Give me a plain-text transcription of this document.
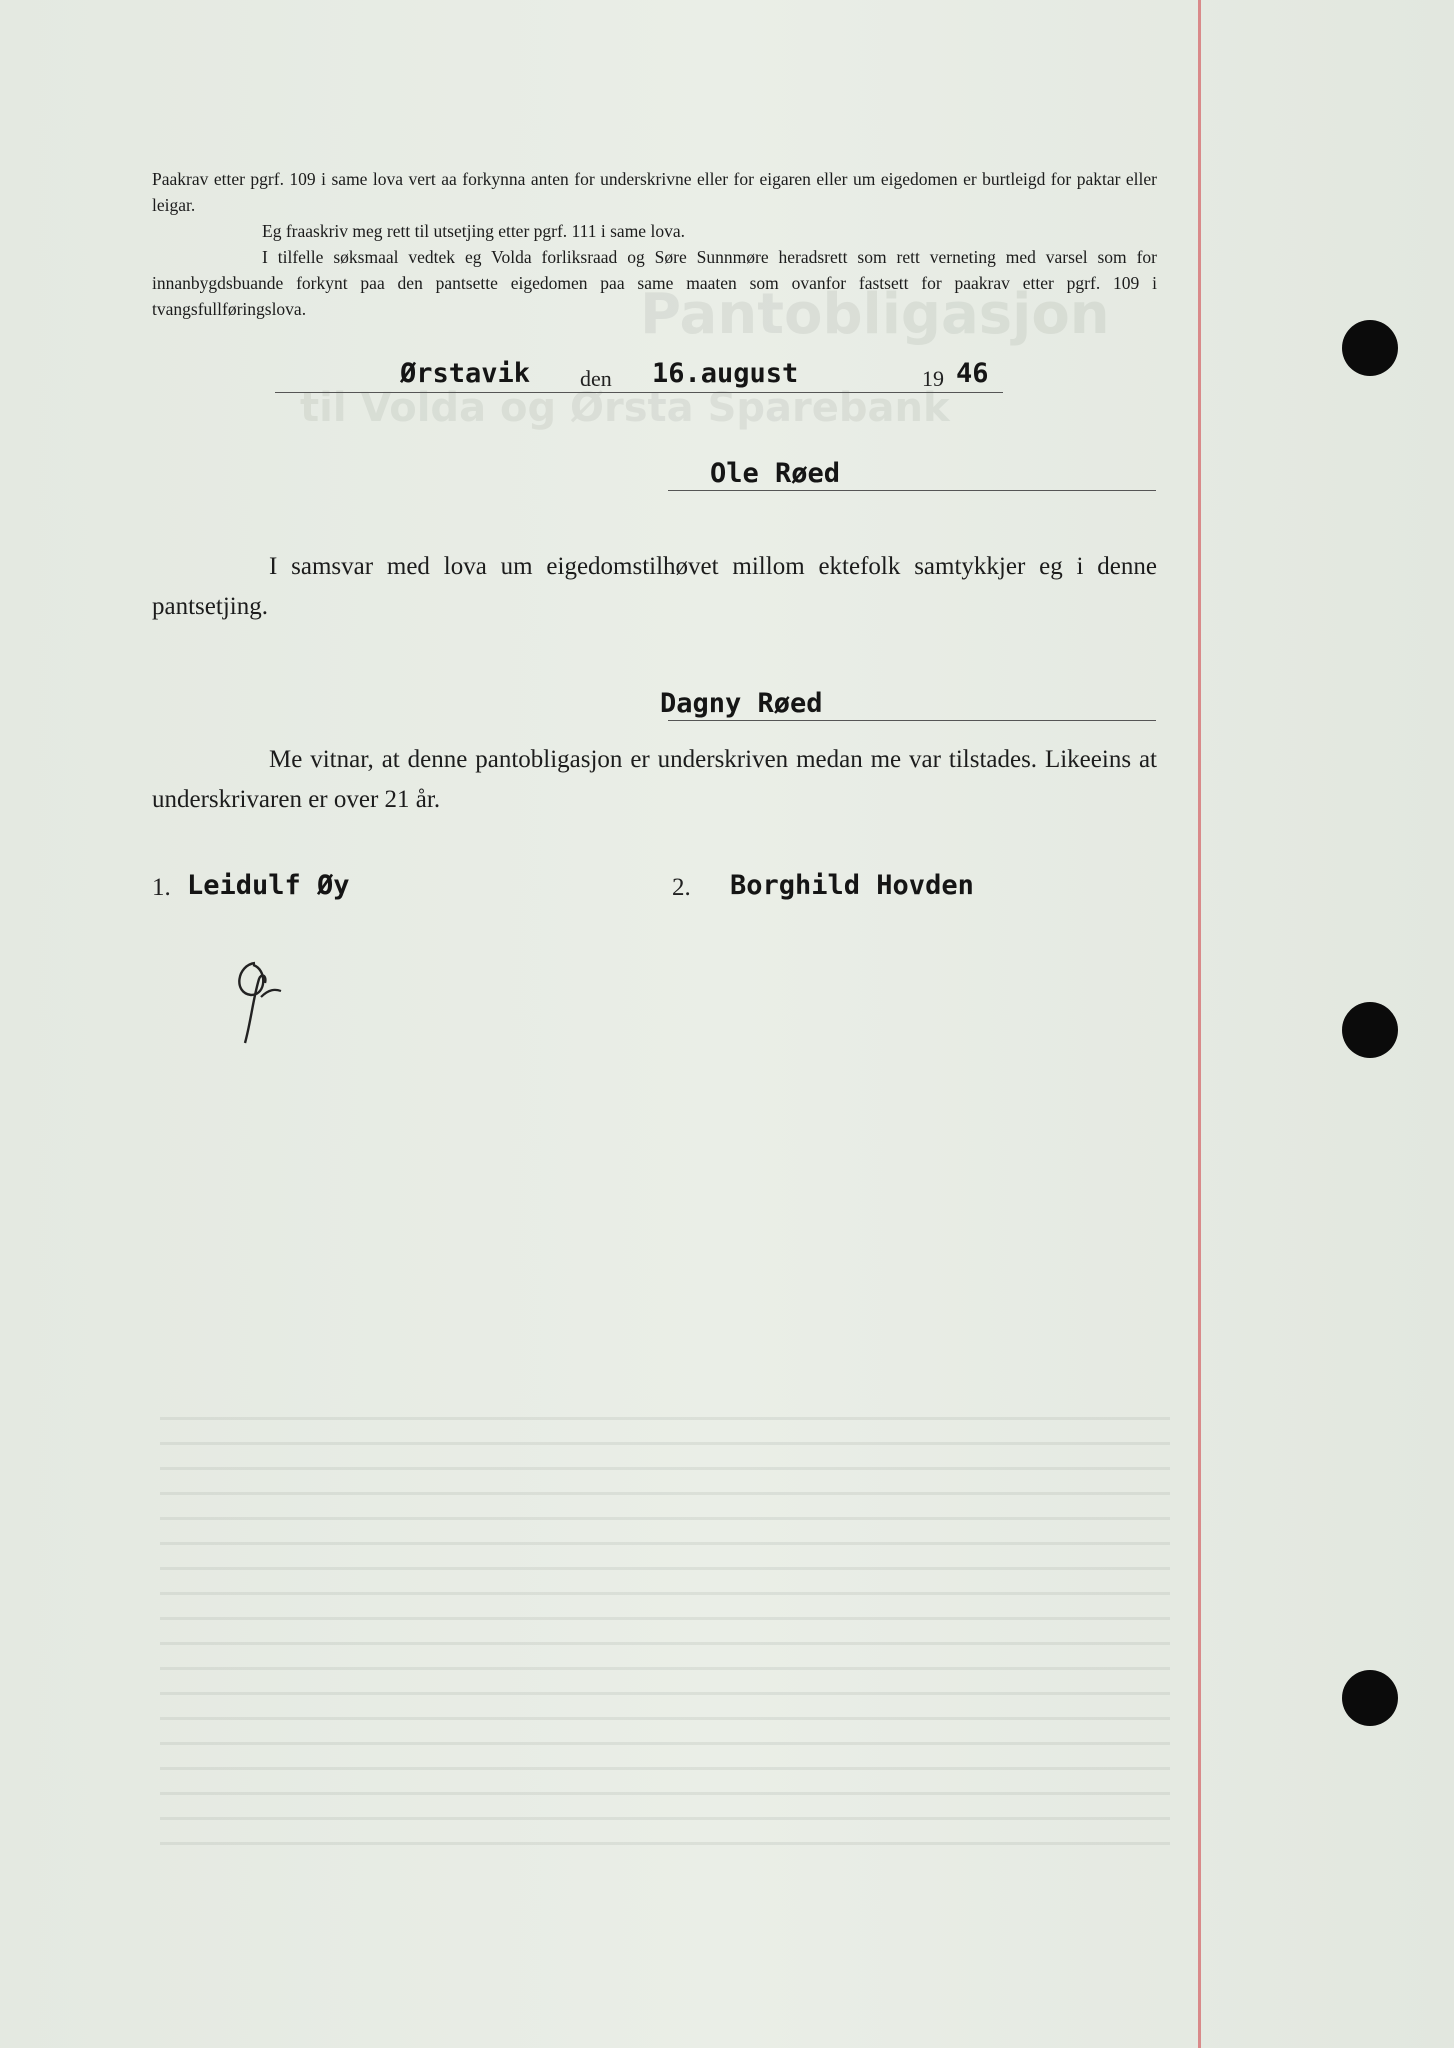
Pantobligasjon
til Volda og Ørsta Sparebank

Paakrav etter pgrf. 109 i same lova vert aa forkynna anten for underskrivne eller for eigaren eller um eigedomen er burtleigd for paktar eller leigar.

Eg fraaskriv meg rett til utsetjing etter pgrf. 111 i same lova.

I tilfelle søksmaal vedtek eg Volda forliksraad og Søre Sunnmøre heradsrett som rett verneting med varsel som for innanbygdsbuande forkynt paa den pantsette eigedomen paa same maaten som ovanfor fastsett for paakrav etter pgrf. 109 i tvangsfullføringslova.

Ørstavik den 16.august	19 46
Ole Røed

I samsvar med lova um eigedomstilhøvet millom ektefolk samtykkjer eg i denne pantsetjing.

Dagny Røed

Me vitnar, at denne pantobligasjon er underskriven medan me var tilstades. Likeeins at underskrivaren er over 21 år.

1. Leidulf Øy	2. Borghild Hovden
